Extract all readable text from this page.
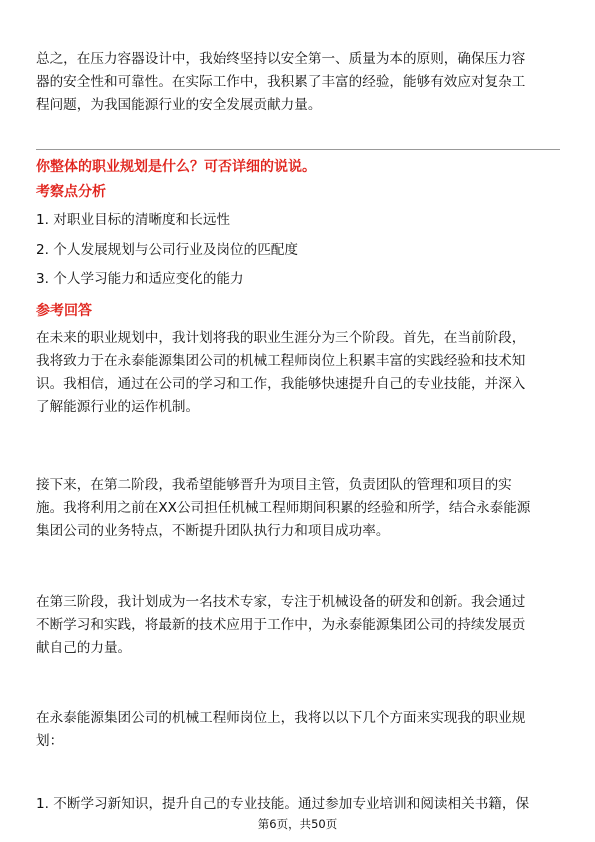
总之，在压力容器设计中，我始终坚持以安全第一、质量为本的原则，确保压力容
器的安全性和可靠性。在实际工作中，我积累了丰富的经验，能够有效应对复杂工
程问题，为我国能源行业的安全发展贡献力量。

你整体的职业规划是什么？可否详细的说说。
考察点分析
1. 对职业目标的清晰度和长远性
2. 个人发展规划与公司行业及岗位的匹配度
3. 个人学习能力和适应变化的能力
参考回答

在未来的职业规划中，我计划将我的职业生涯分为三个阶段。首先，在当前阶段，
我将致力于在永泰能源集团公司的机械工程师岗位上积累丰富的实践经验和技术知
识。我相信，通过在公司的学习和工作，我能够快速提升自己的专业技能，并深入
了解能源行业的运作机制。

接下来，在第二阶段，我希望能够晋升为项目主管，负责团队的管理和项目的实
施。我将利用之前在XX公司担任机械工程师期间积累的经验和所学，结合永泰能源
集团公司的业务特点，不断提升团队执行力和项目成功率。

在第三阶段，我计划成为一名技术专家，专注于机械设备的研发和创新。我会通过
不断学习和实践，将最新的技术应用于工作中，为永泰能源集团公司的持续发展贡
献自己的力量。

在永泰能源集团公司的机械工程师岗位上，我将以以下几个方面来实现我的职业规
划：

1. 不断学习新知识，提升自己的专业技能。通过参加专业培训和阅读相关书籍，保

第6页，共50页
